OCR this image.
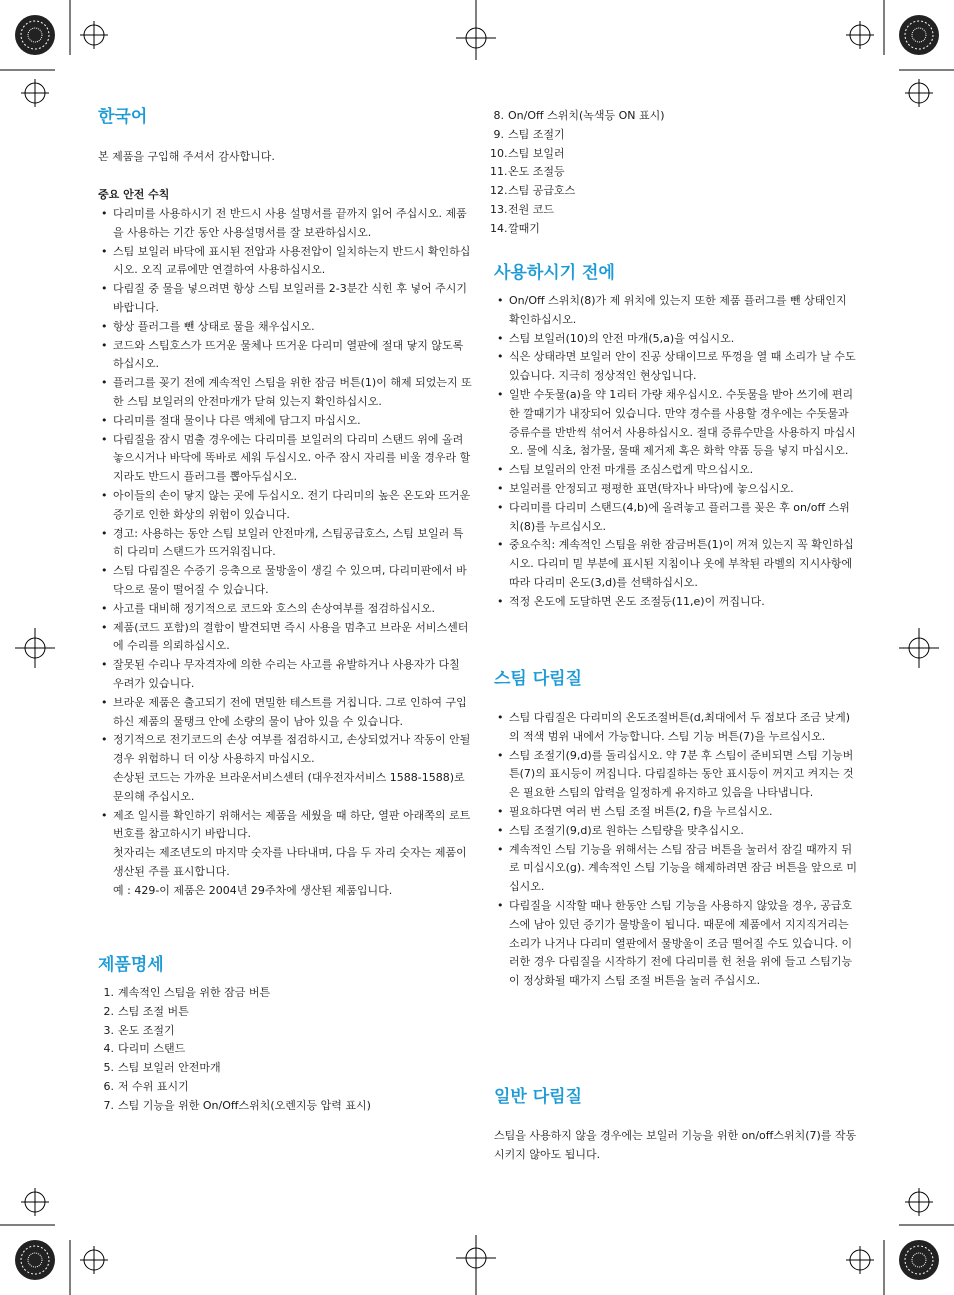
한국어

본 제품을 구입해 주셔서 감사합니다.

중요 안전 수칙

• 다리미를 사용하시기 전 반드시 사용 설명서를 끝까지 읽어 주십시오. 제품을 사용하는 기간 동안 사용설명서를 잘 보관하십시오.
• 스팀 보일러 바닥에 표시된 전압과 사용전압이 일치하는지 반드시 확인하십시오. 오직 교류에만 연결하여 사용하십시오.
• 다림질 중 물을 넣으려면 항상 스팀 보일러를 2-3분간 식힌 후 넣어 주시기 바랍니다.
• 항상 플러그를 뺀 상태로 물을 채우십시오.
• 코드와 스팀호스가 뜨거운 물체나 뜨거운 다리미 열판에 절대 닿지 않도록 하십시오.
• 플러그를 꽂기 전에 계속적인 스팀을 위한 잠금 버튼(1)이 해제 되었는지 또한 스팀 보일러의 안전마개가 닫혀 있는지 확인하십시오.
• 다리미를 절대 물이나 다른 액체에 담그지 마십시오.
• 다림질을 잠시 멈출 경우에는 다리미를 보일러의 다리미 스탠드 위에 올려놓으시거나 바닥에 똑바로 세워 두십시오. 아주 잠시 자리를 비울 경우라 할지라도 반드시 플러그를 뽑아두십시오.
• 아이들의 손이 닿지 않는 곳에 두십시오. 전기 다리미의 높은 온도와 뜨거운 증기로 인한 화상의 위험이 있습니다.
• 경고: 사용하는 동안 스팀 보일러 안전마개, 스팀공급호스, 스팀 보일러 특히 다리미 스탠드가 뜨거워집니다.
• 스팀 다림질은 수증기 응축으로 물방울이 생길 수 있으며, 다리미판에서 바닥으로 물이 떨어질 수 있습니다.
• 사고를 대비해 정기적으로 코드와 호스의 손상여부를 점검하십시오.
• 제품(코드 포함)의 결함이 발견되면 즉시 사용을 멈추고 브라운 서비스센터에 수리를 의뢰하십시오.
• 잘못된 수리나 무자격자에 의한 수리는 사고를 유발하거나 사용자가 다칠 우려가 있습니다.
• 브라운 제품은 출고되기 전에 면밀한 테스트를 거칩니다. 그로 인하여 구입하신 제품의 물탱크 안에 소량의 물이 남아 있을 수 있습니다.
• 정기적으로 전기코드의 손상 여부를 점검하시고, 손상되었거나 작동이 안될 경우 위험하니 더 이상 사용하지 마십시오.
손상된 코드는 가까운 브라운서비스센터 (대우전자서비스 1588-1588)로 문의해 주십시오.
• 제조 일시를 확인하기 위해서는 제품을 세웠을 때 하단, 열판 아래쪽의 로트번호를 참고하시기 바랍니다.
첫자리는 제조년도의 마지막 숫자를 나타내며, 다음 두 자리 숫자는 제품이 생산된 주를 표시합니다.
예 : 429-이 제품은 2004년 29주차에 생산된 제품입니다.
제품명세
1. 계속적인 스팀을 위한 잠금 버튼
2. 스팀 조절 버튼
3. 온도 조절기
4. 다리미 스탠드
5. 스팀 보일러 안전마개
6. 저 수위 표시기
7. 스팀 기능을 위한 On/Off스위치(오렌지등 압력 표시)
8. On/Off 스위치(녹색등 ON 표시)
9. 스팀 조절기
10. 스팀 보일러
11. 온도 조절등
12. 스팀 공급호스
13. 전원 코드
14. 깔때기
사용하시기 전에
• On/Off 스위치(8)가 제 위치에 있는지 또한 제품 플러그를 뺀 상태인지 확인하십시오.
• 스팀 보일러(10)의 안전 마개(5,a)을 여십시오.
• 식은 상태라면 보일러 안이 진공 상태이므로 뚜껑을 열 때 소리가 날 수도 있습니다. 지극히 정상적인 현상입니다.
• 일반 수돗물(a)을 약 1리터 가량 채우십시오. 수돗물을 받아 쓰기에 편리한 깔때기가 내장되어 있습니다. 만약 경수를 사용할 경우에는 수돗물과 증류수를 반반씩 섞어서 사용하십시오. 절대 증류수만을 사용하지 마십시오. 물에 식초, 첨가물, 물때 제거제 혹은 화학 약품 등을 넣지 마십시오.
• 스팀 보일러의 안전 마개를 조심스럽게 막으십시오.
• 보일러를 안정되고 평평한 표면(탁자나 바닥)에 놓으십시오.
• 다리미를 다리미 스탠드(4,b)에 올려놓고 플러그를 꽂은 후 on/off 스위치(8)를 누르십시오.
• 중요수칙: 계속적인 스팀을 위한 잠금버튼(1)이 꺼져 있는지 꼭 확인하십시오. 다리미 밑 부분에 표시된 지침이나 옷에 부착된 라벨의 지시사항에 따라 다리미 온도(3,d)를 선택하십시오.
• 적정 온도에 도달하면 온도 조절등(11,e)이 꺼집니다.
스팀 다림질
• 스팀 다림질은 다리미의 온도조절버튼(d,최대에서 두 점보다 조금 낮게)의 적색 범위 내에서 가능합니다. 스팀 기능 버튼(7)을 누르십시오.
• 스팀 조절기(9,d)를 돌리십시오. 약 7분 후 스팀이 준비되면 스팀 기능버튼(7)의 표시등이 꺼집니다. 다림질하는 동안 표시등이 꺼지고 켜지는 것은 필요한 스팀의 압력을 일정하게 유지하고 있음을 나타냅니다.
• 필요하다면 여러 번 스팀 조절 버튼(2, f)을 누르십시오.
• 스팀 조절기(9,d)로 원하는 스팀량을 맞추십시오.
• 계속적인 스팀 기능을 위해서는 스팀 잠금 버튼을 눌러서 잠길 때까지 뒤로 미십시오(g). 계속적인 스팀 기능을 해제하려면 잠금 버튼을 앞으로 미십시오.
• 다림질을 시작할 때나 한동안 스팀 기능을 사용하지 않았을 경우, 공급호스에 남아 있던 증기가 물방울이 됩니다. 때문에 제품에서 지지직거리는 소리가 나거나 다리미 열판에서 물방울이 조금 떨어질 수도 있습니다. 이러한 경우 다림질을 시작하기 전에 다리미를 헌 천을 위에 들고 스팀기능이 정상화될 때가지 스팀 조절 버튼을 눌러 주십시오.
일반 다림질

스팀을 사용하지 않을 경우에는 보일러 기능을 위한 on/off스위치(7)를 작동시키지 않아도 됩니다.
